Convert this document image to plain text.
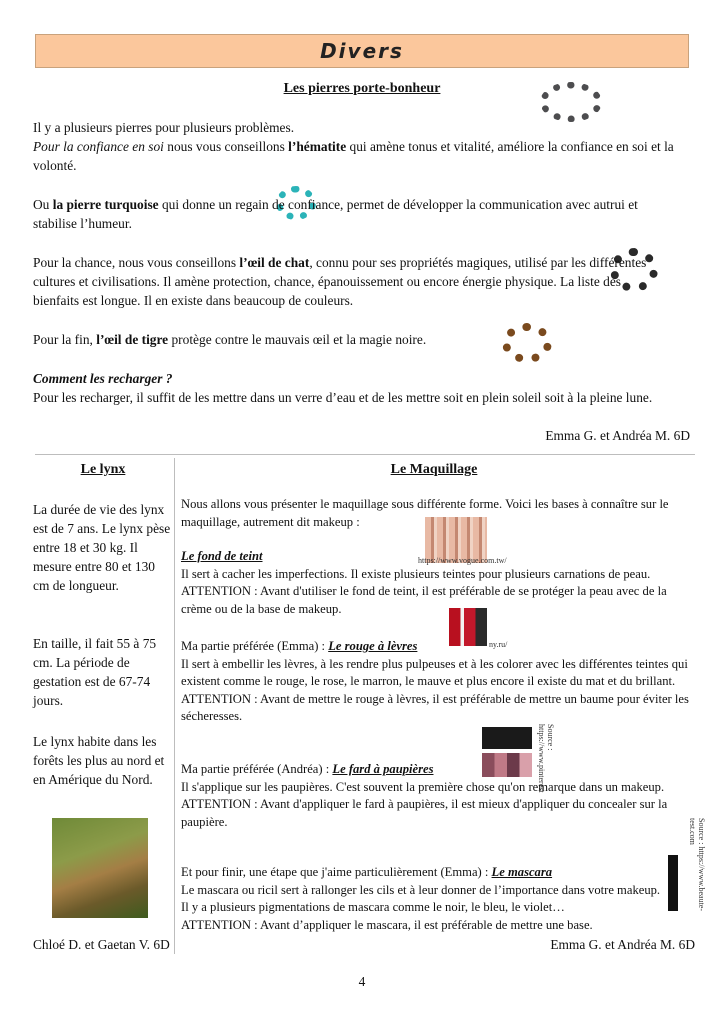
Divers
Les pierres porte-bonheur

Il y a plusieurs pierres pour plusieurs problèmes.

Pour la confiance en soi nous vous conseillons l’hématite qui amène tonus et vitalité, améliore la confiance en soi et la volonté.

Ou la pierre turquoise qui donne un regain de confiance, permet de développer la communication avec autrui et stabilise l’humeur.

Pour la chance, nous vous conseillons l’œil de chat, connu pour ses propriétés magiques, utilisé par les différentes cultures et civilisations. Il amène protection, chance, épanouissement ou encore énergie physique. La liste des bienfaits est longue. Il en existe dans beaucoup de couleurs.

Pour la fin, l’œil de tigre protège contre le mauvais œil et la magie noire.

Comment les recharger ?

Pour les recharger, il suffit de les mettre dans un verre d’eau et de les mettre soit en plein soleil soit à la pleine lune.

Emma G. et Andréa M. 6D
Le lynx
La durée de vie des lynx est de 7 ans. Le lynx pèse entre 18 et 30 kg. Il mesure entre 80 et 130 cm de longueur.
En taille, il fait 55 à 75 cm. La période de gestation est de 67-74 jours.
Le lynx habite dans les forêts les plus au nord et en Amérique du Nord.
Chloé D. et Gaetan V. 6D
Le Maquillage
Nous allons vous présenter le maquillage sous différente forme. Voici les bases à connaître sur le maquillage, autrement dit makeup :
https://www.vogue.com.tw/

Le fond de teint

Il sert à cacher les imperfections. Il existe plusieurs teintes pour plusieurs carnations de peau.

ATTENTION : Avant d'utiliser le fond de teint, il est préférable de se protéger la peau avec de la crème ou de la base de makeup.

ny.ru/

Ma partie préférée (Emma) : Le rouge à lèvres

Il sert à embellir les lèvres, à les rendre plus pulpeuses et à les colorer avec les différentes teintes qui existent comme le rouge, le rose, le marron, le mauve et plus encore il existe du mat et du brillant.

ATTENTION : Avant de mettre le rouge à lèvres, il est préférable de mettre un baume pour éviter les sécheresses.

Source : https://www.pinterest

Ma partie préférée (Andréa) : Le fard à paupières

Il s'applique sur les paupières. C'est souvent la première chose qu'on remarque dans un makeup.

ATTENTION : Avant d'appliquer le fard à paupières, il est mieux d'appliquer du concealer sur la paupière.	Source : https://www.beaute-test.com

Et pour finir, une étape que j'aime particulièrement (Emma) : Le mascara

Le mascara ou ricil sert à rallonger les cils et à leur donner de l’importance dans votre makeup. Il y a plusieurs pigmentations de mascara comme le noir, le bleu, le violet…

ATTENTION : Avant d’appliquer le mascara, il est préférable de mettre une base.

Emma G. et Andréa M. 6D
4
